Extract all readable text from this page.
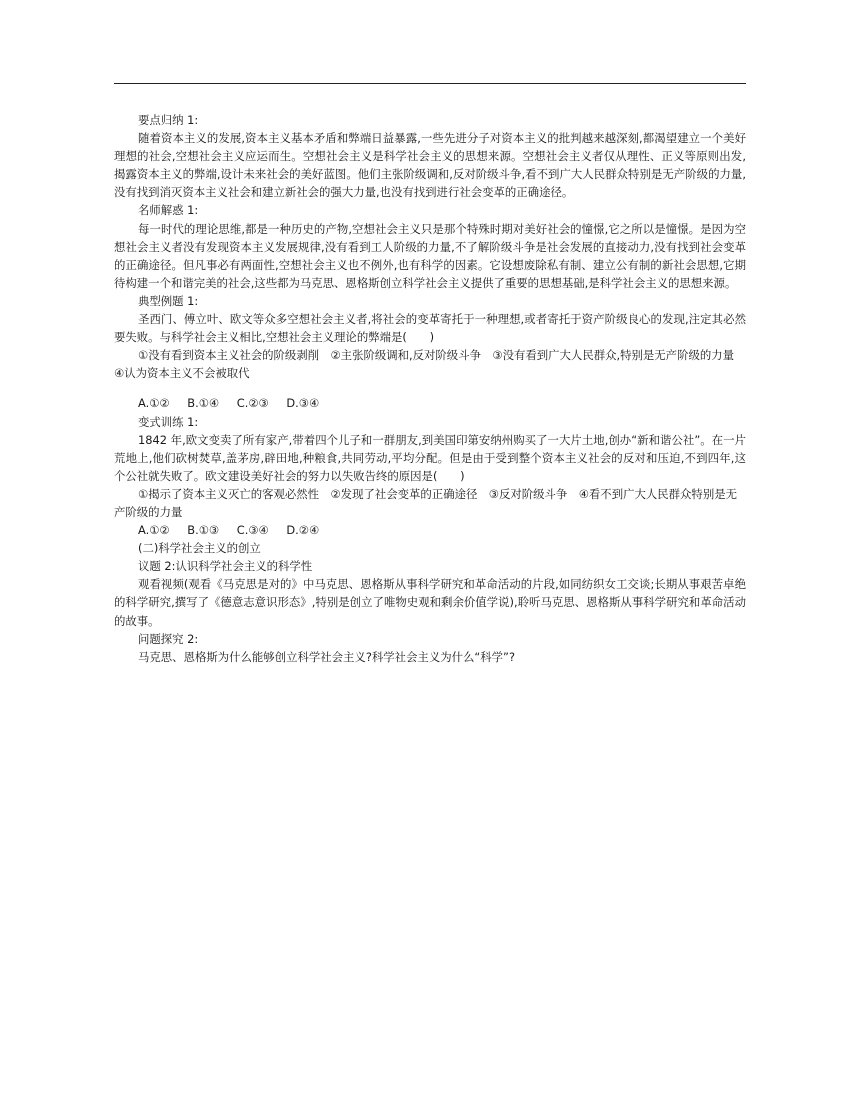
要点归纳 1:

随着资本主义的发展,资本主义基本矛盾和弊端日益暴露,一些先进分子对资本主义的批判越来越深刻,都渴望建立一个美好理想的社会,空想社会主义应运而生。空想社会主义是科学社会主义的思想来源。空想社会主义者仅从理性、正义等原则出发,揭露资本主义的弊端,设计未来社会的美好蓝图。他们主张阶级调和,反对阶级斗争,看不到广大人民群众特别是无产阶级的力量,没有找到消灭资本主义社会和建立新社会的强大力量,也没有找到进行社会变革的正确途径。

名师解惑 1:

每一时代的理论思维,都是一种历史的产物,空想社会主义只是那个特殊时期对美好社会的憧憬,它之所以是憧憬。是因为空想社会主义者没有发现资本主义发展规律,没有看到工人阶级的力量,不了解阶级斗争是社会发展的直接动力,没有找到社会变革的正确途径。但凡事必有两面性,空想社会主义也不例外,也有科学的因素。它设想废除私有制、建立公有制的新社会思想,它期待构建一个和谐完美的社会,这些都为马克思、恩格斯创立科学社会主义提供了重要的思想基础,是科学社会主义的思想来源。

典型例题 1:

圣西门、傅立叶、欧文等众多空想社会主义者,将社会的变革寄托于一种理想,或者寄托于资产阶级良心的发现,注定其必然要失败。与科学社会主义相比,空想社会主义理论的弊端是(　　)

①没有看到资本主义社会的阶级剥削　②主张阶级调和,反对阶级斗争　③没有看到广大人民群众,特别是无产阶级的力量　④认为资本主义不会被取代

A.①② B.①④ C.②③ D.③④

变式训练 1:

1842 年,欧文变卖了所有家产,带着四个儿子和一群朋友,到美国印第安纳州购买了一大片土地,创办“新和谐公社”。在一片荒地上,他们砍树焚草,盖茅房,辟田地,种粮食,共同劳动,平均分配。但是由于受到整个资本主义社会的反对和压迫,不到四年,这个公社就失败了。欧文建设美好社会的努力以失败告终的原因是(　　)

①揭示了资本主义灭亡的客观必然性　②发现了社会变革的正确途径　③反对阶级斗争　④看不到广大人民群众特别是无产阶级的力量

A.①② B.①③ C.③④ D.②④

(二)科学社会主义的创立

议题 2:认识科学社会主义的科学性

观看视频(观看《马克思是对的》中马克思、恩格斯从事科学研究和革命活动的片段,如同纺织女工交谈;长期从事艰苦卓绝的科学研究,撰写了《德意志意识形态》,特别是创立了唯物史观和剩余价值学说),聆听马克思、恩格斯从事科学研究和革命活动的故事。

问题探究 2:

马克思、恩格斯为什么能够创立科学社会主义?科学社会主义为什么“科学”?
